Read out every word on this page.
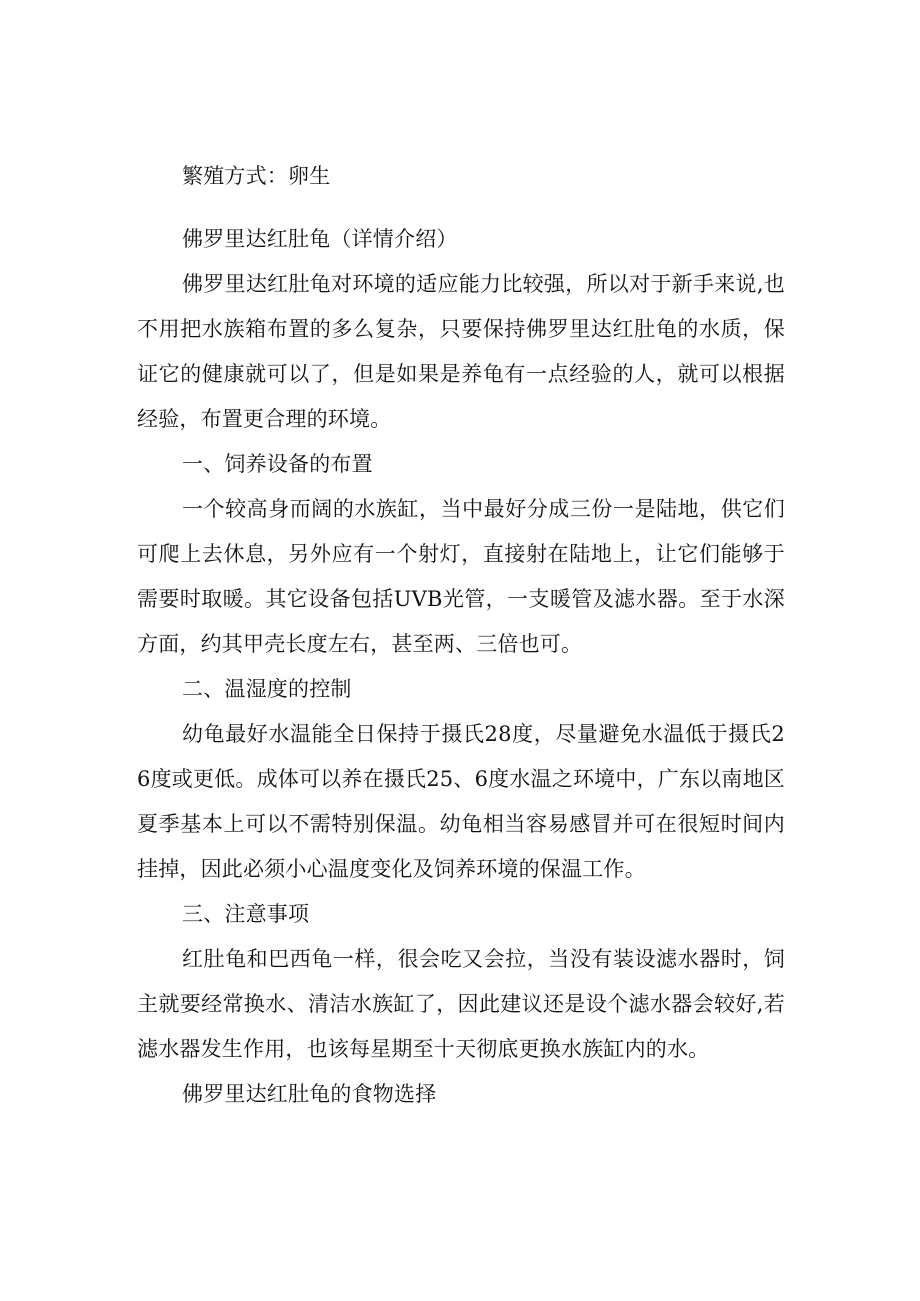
繁殖方式：卵生

佛罗里达红肚龟（详情介绍）

佛罗里达红肚龟对环境的适应能力比较强，所以对于新手来说,也不用把水族箱布置的多么复杂，只要保持佛罗里达红肚龟的水质，保证它的健康就可以了，但是如果是养龟有一点经验的人，就可以根据经验，布置更合理的环境。

一、饲养设备的布置

一个较高身而阔的水族缸，当中最好分成三份一是陆地，供它们可爬上去休息，另外应有一个射灯，直接射在陆地上，让它们能够于需要时取暖。其它设备包括UVB光管，一支暖管及滤水器。至于水深方面，约其甲壳长度左右，甚至两、三倍也可。

二、温湿度的控制

幼龟最好水温能全日保持于摄氏28度，尽量避免水温低于摄氏26度或更低。成体可以养在摄氏25、6度水温之环境中，广东以南地区夏季基本上可以不需特别保温。幼龟相当容易感冒并可在很短时间内挂掉，因此必须小心温度变化及饲养环境的保温工作。

三、注意事项

红肚龟和巴西龟一样，很会吃又会拉，当没有装设滤水器时，饲主就要经常换水、清洁水族缸了，因此建议还是设个滤水器会较好,若滤水器发生作用，也该每星期至十天彻底更换水族缸内的水。

佛罗里达红肚龟的食物选择
